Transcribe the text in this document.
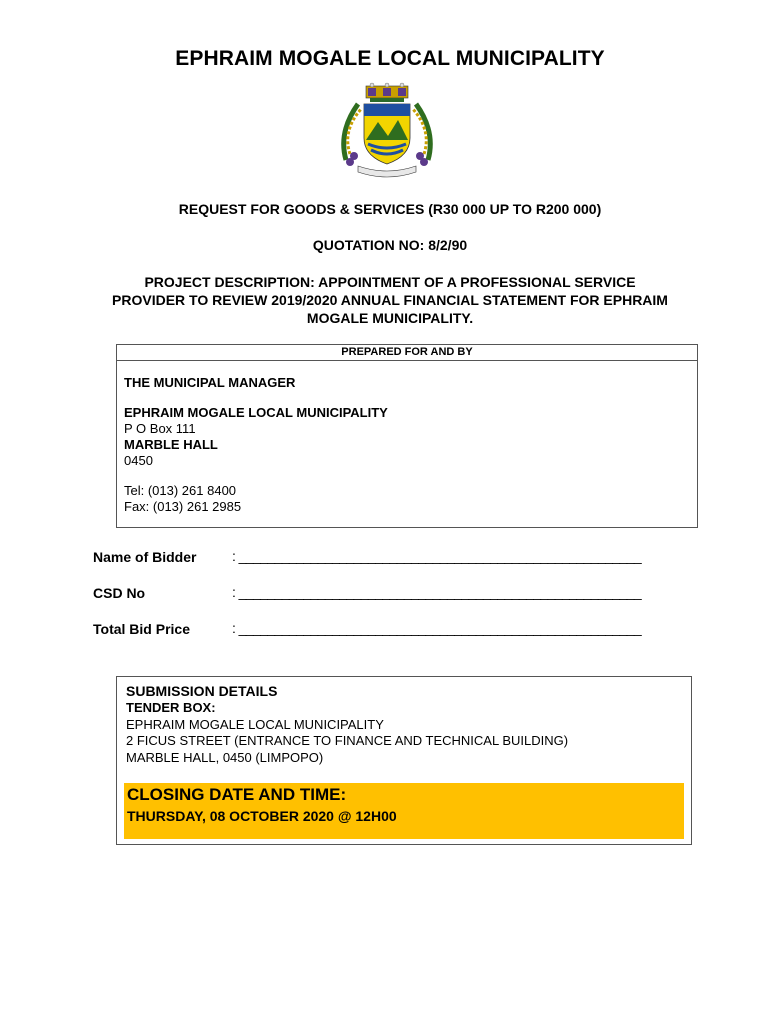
EPHRAIM MOGALE LOCAL MUNICIPALITY
REQUEST FOR GOODS & SERVICES (R30 000 UP TO R200 000)
QUOTATION NO: 8/2/90
PROJECT DESCRIPTION: APPOINTMENT OF A PROFESSIONAL SERVICE PROVIDER TO REVIEW 2019/2020 ANNUAL FINANCIAL STATEMENT FOR EPHRAIM MOGALE MUNICIPALITY.
PREPARED FOR AND BY
THE MUNICIPAL MANAGER
EPHRAIM MOGALE LOCAL MUNICIPALITY
P O Box 111
MARBLE HALL
0450
Tel: (013) 261 8400
Fax: (013) 261 2985
Name of Bidder	: ________________________________________________________
CSD No	: ________________________________________________________
Total Bid Price	: ________________________________________________________
SUBMISSION DETAILS
TENDER BOX:
EPHRAIM MOGALE LOCAL MUNICIPALITY
2 FICUS STREET (ENTRANCE TO FINANCE AND TECHNICAL BUILDING)
MARBLE HALL, 0450 (LIMPOPO)
CLOSING DATE AND TIME:
THURSDAY, 08 OCTOBER 2020 @ 12H00
